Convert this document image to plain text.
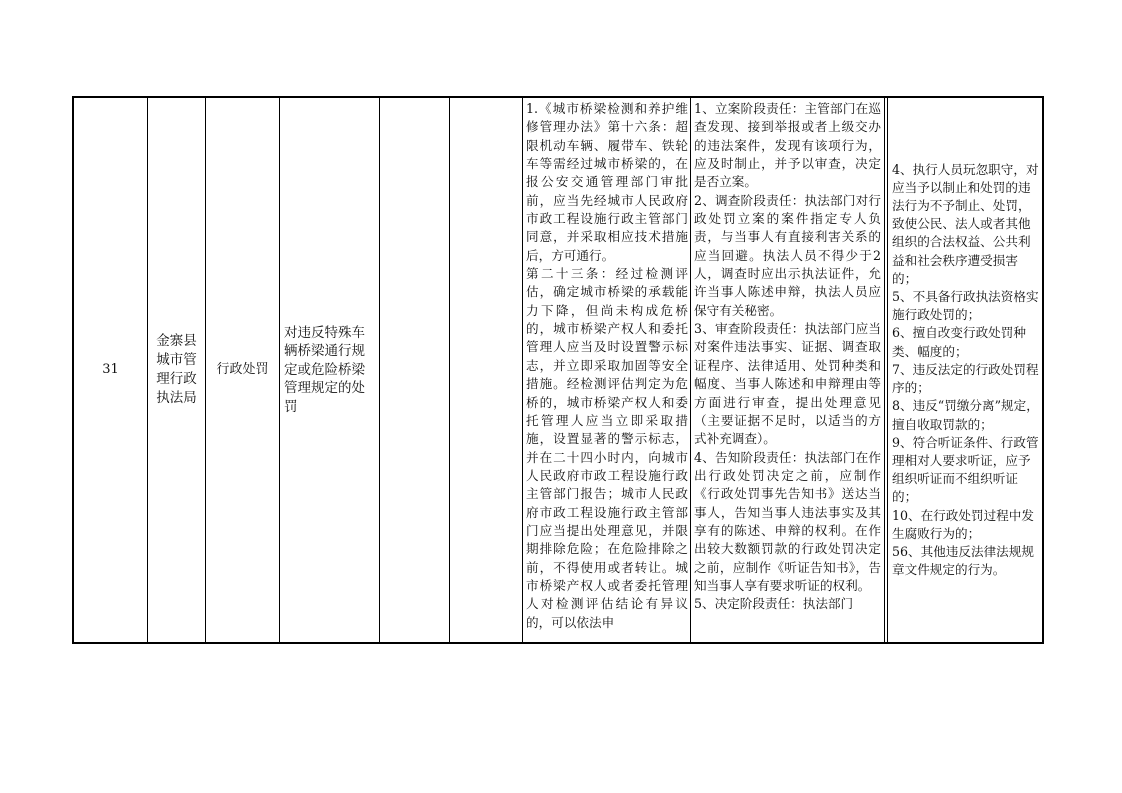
31
金寨县
城市管
理行政
执法局
行政处罚
对违反特殊车
辆桥梁通行规
定或危险桥梁
管理规定的处
罚
1.《城市桥梁检测和养护维修管理办法》第十六条：超限机动车辆、履带车、铁轮车等需经过城市桥梁的，在报公安交通管理部门审批前，应当先经城市人民政府市政工程设施行政主管部门同意，并采取相应技术措施后，方可通行。
第二十三条：经过检测评估，确定城市桥梁的承载能力下降，但尚未构成危桥的，城市桥梁产权人和委托管理人应当及时设置警示标志，并立即采取加固等安全措施。经检测评估判定为危桥的，城市桥梁产权人和委托管理人应当立即采取措施，设置显著的警示标志，并在二十四小时内，向城市人民政府市政工程设施行政主管部门报告；城市人民政府市政工程设施行政主管部门应当提出处理意见，并限期排除危险；在危险排除之前，不得使用或者转让。城市桥梁产权人或者委托管理人对检测评估结论有异议的，可以依法申
1、立案阶段责任：主管部门在巡查发现、接到举报或者上级交办的违法案件，发现有该项行为，应及时制止，并予以审查，决定是否立案。
2、调查阶段责任：执法部门对行政处罚立案的案件指定专人负责，与当事人有直接利害关系的应当回避。执法人员不得少于2人，调查时应出示执法证件，允许当事人陈述申辩，执法人员应保守有关秘密。
3、审查阶段责任：执法部门应当对案件违法事实、证据、调查取证程序、法律适用、处罚种类和幅度、当事人陈述和申辩理由等方面进行审查，提出处理意见（主要证据不足时，以适当的方式补充调查）。
4、告知阶段责任：执法部门在作出行政处罚决定之前，应制作《行政处罚事先告知书》送达当事人，告知当事人违法事实及其享有的陈述、申辩的权利。在作出较大数额罚款的行政处罚决定之前，应制作《听证告知书》，告知当事人享有要求听证的权利。
5、决定阶段责任：执法部门
4、执行人员玩忽职守，对应当予以制止和处罚的违法行为不予制止、处罚，致使公民、法人或者其他组织的合法权益、公共利益和社会秩序遭受损害的；
5、不具备行政执法资格实施行政处罚的；
6、擅自改变行政处罚种类、幅度的；
7、违反法定的行政处罚程序的；
8、违反“罚缴分离”规定，擅自收取罚款的；
9、符合听证条件、行政管理相对人要求听证，应予组织听证而不组织听证的；
10、在行政处罚过程中发生腐败行为的；
56、其他违反法律法规规章文件规定的行为。
